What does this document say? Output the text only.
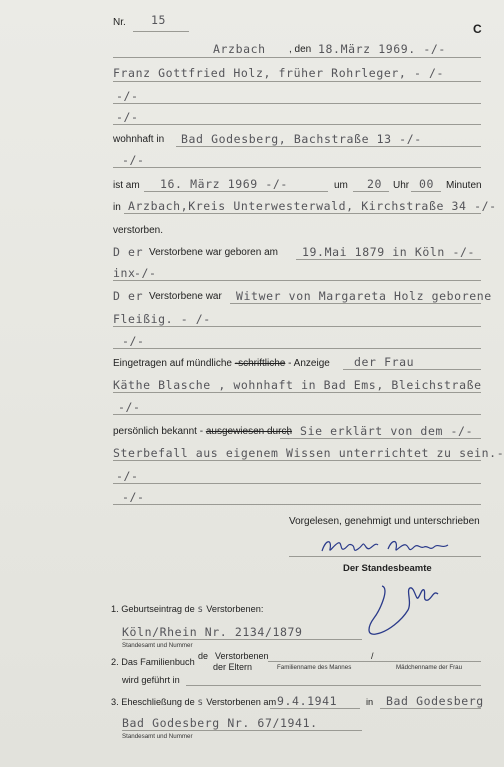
Nr. 15
C
Arzbach , den 18.März 1969. -/-
Franz Gottfried Holz, früher Rohrleger, - /-
-/-
-/-
wohnhaft in Bad Godesberg, Bachstraße 13 -/-
-/-
ist am 16. März 1969 -/-	um 20 Uhr 00 Minuten
in Arzbach,Kreis Unterwesterwald, Kirchstraße 34 -/-
verstorben.
D er Verstorbene war geboren am 19.Mai 1879 in Köln -/-
inx
-/-
D er Verstorbene war Witwer von Margareta Holz geborene
Fleißig. - /-
-/-
Eingetragen auf mündliche -schriftliche - Anzeige der Frau
Käthe Blasche , wohnhaft in Bad Ems, Bleichstraße
-/-
persönlich bekannt - ausgewiesen durch
. Sie erklärt von dem -/-
Sterbefall aus eigenem Wissen unterrichtet zu sein.-
-/-
-/-
Vorgelesen, genehmigt und unterschrieben
Der Standesbeamte
1. Geburtseintrag de s Verstorbenen:
Köln/Rhein Nr. 2134/1879
Standesamt und Nummer
2. Das Familienbuch
de Verstorbenen
der Eltern
/
Familienname des Mannes	Mädchenname der Frau
wird geführt in
3. Eheschließung de s Verstorbenen am 9.4.1941	in Bad Godesberg
Bad Godesberg Nr. 67/1941.
Standesamt und Nummer
